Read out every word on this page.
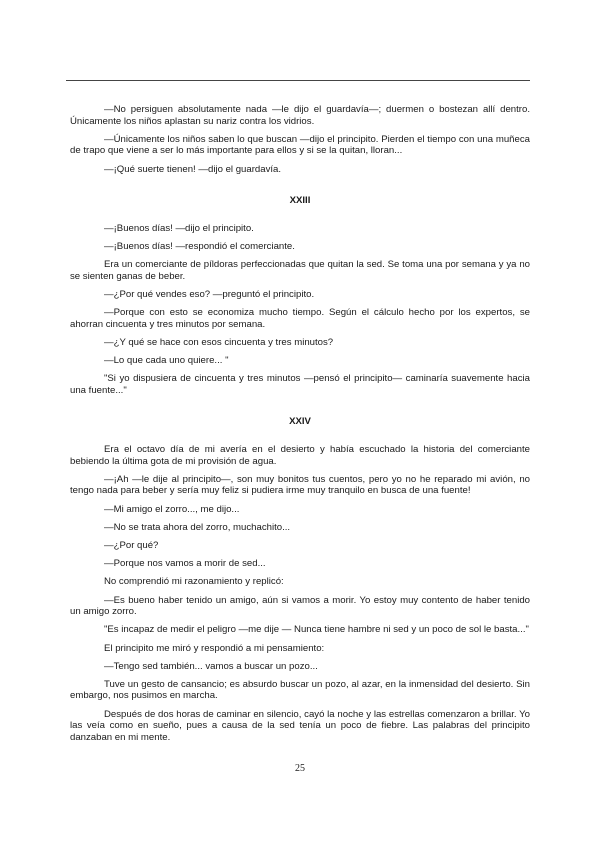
—No persiguen absolutamente nada —le dijo el guardavía—; duermen o bostezan allí dentro. Únicamente los niños aplastan su nariz contra los vidrios.

—Únicamente los niños saben lo que buscan —dijo el principito. Pierden el tiempo con una muñeca de trapo que viene a ser lo más importante para ellos y si se la quitan, lloran...

—¡Qué suerte tienen! —dijo el guardavía.

XXIII

—¡Buenos días! —dijo el principito.

—¡Buenos días! —respondió el comerciante.

Era un comerciante de píldoras perfeccionadas que quitan la sed. Se toma una por semana y ya no se sienten ganas de beber.

—¿Por qué vendes eso? —preguntó el principito.

—Porque con esto se economiza mucho tiempo. Según el cálculo hecho por los expertos, se ahorran cincuenta y tres minutos por semana.

—¿Y qué se hace con esos cincuenta y tres minutos?

—Lo que cada uno quiere... "

"Si yo dispusiera de cincuenta y tres minutos —pensó el principito— caminaría suavemente hacia una fuente..."

XXIV

Era el octavo día de mi avería en el desierto y había escuchado la historia del comerciante bebiendo la última gota de mi provisión de agua.

—¡Ah —le dije al principito—, son muy bonitos tus cuentos, pero yo no he reparado mi avión, no tengo nada para beber y sería muy feliz si pudiera irme muy tranquilo en busca de una fuente!

—Mi amigo el zorro..., me dijo...

—No se trata ahora del zorro, muchachito...

—¿Por qué?

—Porque nos vamos a morir de sed...

No comprendió mi razonamiento y replicó:

—Es bueno haber tenido un amigo, aún si vamos a morir. Yo estoy muy contento de haber tenido un amigo zorro.

"Es incapaz de medir el peligro —me dije — Nunca tiene hambre ni sed y un poco de sol le basta..."

El principito me miró y respondió a mi pensamiento:

—Tengo sed también... vamos a buscar un pozo...

Tuve un gesto de cansancio; es absurdo buscar un pozo, al azar, en la inmensidad del desierto. Sin embargo, nos pusimos en marcha.

Después de dos horas de caminar en silencio, cayó la noche y las estrellas comenzaron a brillar. Yo las veía como en sueño, pues a causa de la sed tenía un poco de fiebre. Las palabras del principito danzaban en mi mente.

25
